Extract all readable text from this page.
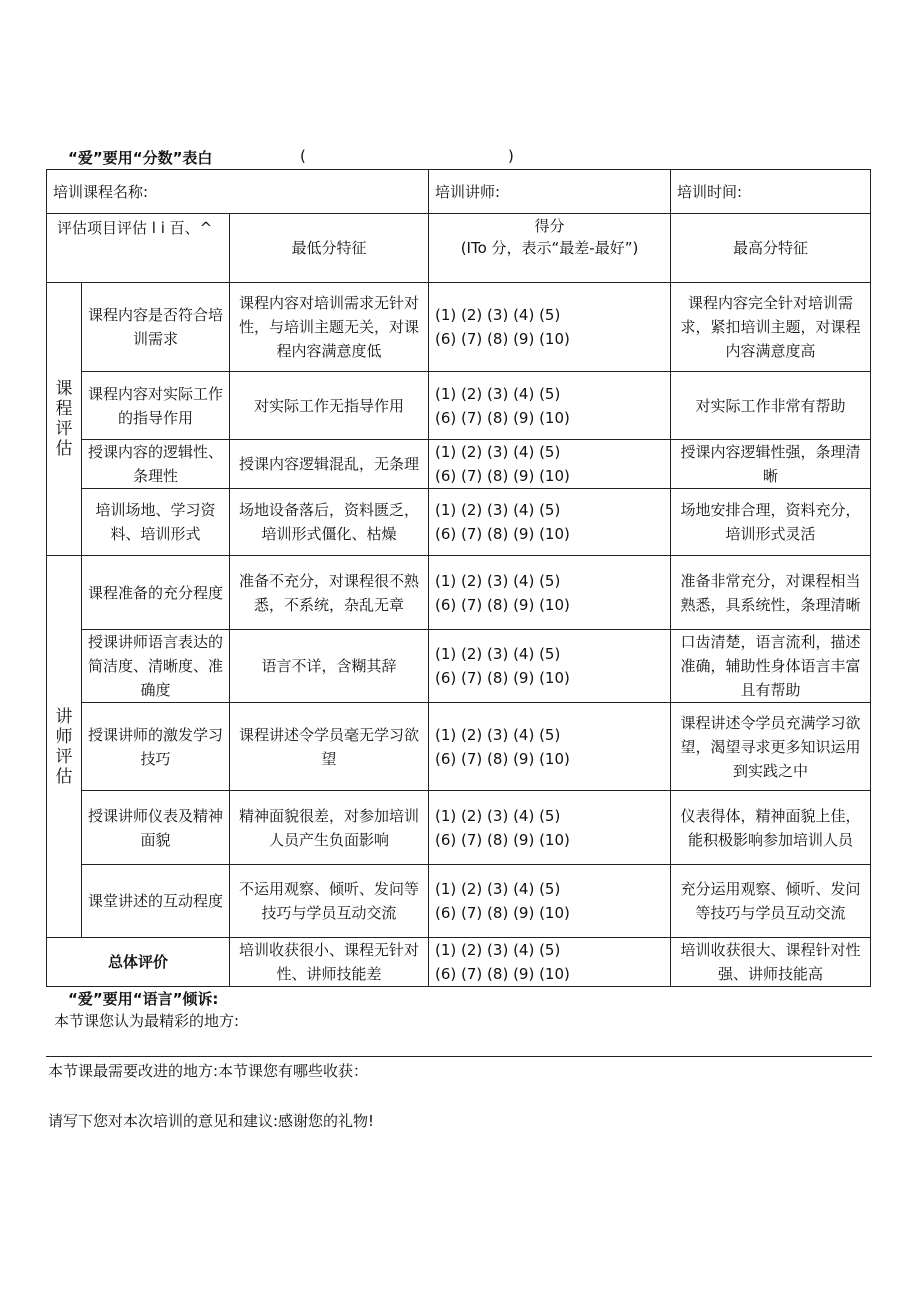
“爱”要用“分数”表白	(	)
培训课程名称:			培训讲师:	培训时间:
评估项目评估 l i 百、^		最低分特征	得分
(ITo 分，表示“最差-最好”)	最高分特征
课程评估	课程内容是否符合培训需求	课程内容对培训需求无针对性，与培训主题无关，对课程内容满意度低	(1) (2) (3) (4) (5)
(6) (7) (8) (9) (10)	课程内容完全针对培训需求，紧扣培训主题，对课程内容满意度高
	课程内容对实际工作的指导作用	对实际工作无指导作用	(1) (2) (3) (4) (5)
(6) (7) (8) (9) (10)	对实际工作非常有帮助
	授课内容的逻辑性、条理性	授课内容逻辑混乱，无条理	(1) (2) (3) (4) (5)
(6) (7) (8) (9) (10)	授课内容逻辑性强，条理清晰
	培训场地、学习资料、培训形式	场地设备落后，资料匮乏，培训形式僵化、枯燥	(1) (2) (3) (4) (5)
(6) (7) (8) (9) (10)	场地安排合理，资料充分，培训形式灵活
讲师评估	课程准备的充分程度	准备不充分，对课程很不熟悉，不系统，杂乱无章	(1) (2) (3) (4) (5)
(6) (7) (8) (9) (10)	准备非常充分，对课程相当熟悉，具系统性，条理清晰
	授课讲师语言表达的简洁度、清晰度、准确度	语言不详，含糊其辞	(1) (2) (3) (4) (5)
(6) (7) (8) (9) (10)	口齿清楚，语言流利，描述准确，辅助性身体语言丰富且有帮助
	授课讲师的激发学习技巧	课程讲述令学员毫无学习欲望	(1) (2) (3) (4) (5)
(6) (7) (8) (9) (10)	课程讲述令学员充满学习欲望，渴望寻求更多知识运用到实践之中
	授课讲师仪表及精神面貌	精神面貌很差，对参加培训人员产生负面影响	(1) (2) (3) (4) (5)
(6) (7) (8) (9) (10)	仪表得体，精神面貌上佳，能积极影响参加培训人员
	课堂讲述的互动程度	不运用观察、倾听、发问等技巧与学员互动交流	(1) (2) (3) (4) (5)
(6) (7) (8) (9) (10)	充分运用观察、倾听、发问等技巧与学员互动交流
总体评价		培训收获很小、课程无针对性、讲师技能差	(1) (2) (3) (4) (5)
(6) (7) (8) (9) (10)	培训收获很大、课程针对性强、讲师技能高
“爱”要用“语言”倾诉:
本节课您认为最精彩的地方:
本节课最需要改进的地方:本节课您有哪些收获：
请写下您对本次培训的意见和建议:感谢您的礼物!
